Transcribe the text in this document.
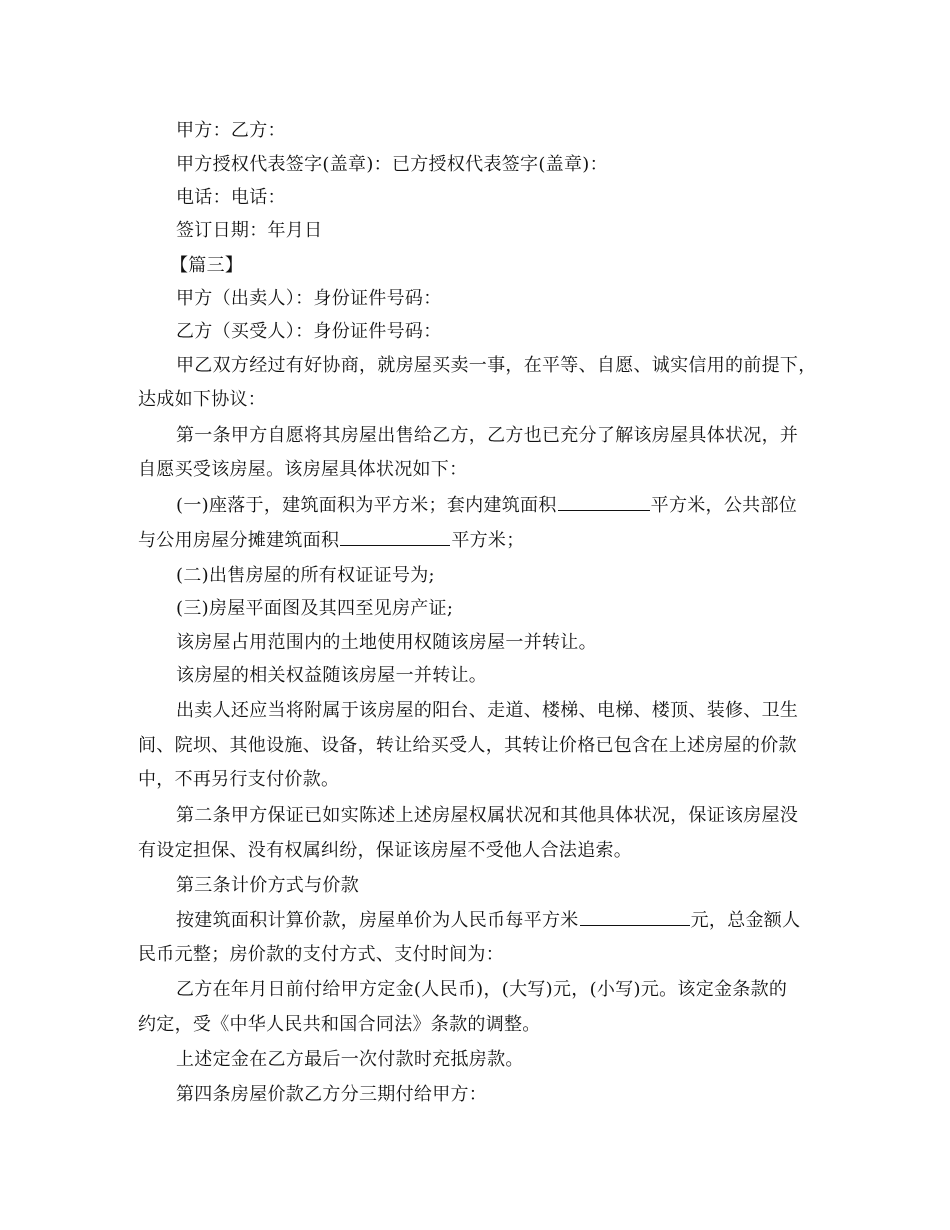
甲方：乙方：
甲方授权代表签字(盖章)：已方授权代表签字(盖章)：
电话：电话：
签订日期：年月日
【篇三】
甲方（出卖人）：身份证件号码：
乙方（买受人）：身份证件号码：
甲乙双方经过有好协商，就房屋买卖一事，在平等、自愿、诚实信用的前提下，
达成如下协议：
第一条甲方自愿将其房屋出售给乙方，乙方也已充分了解该房屋具体状况，并
自愿买受该房屋。该房屋具体状况如下：
(一)座落于，建筑面积为平方米；套内建筑面积	平方米，公共部位
与公用房屋分摊建筑面积	平方米；
(二)出售房屋的所有权证证号为;
(三)房屋平面图及其四至见房产证;
该房屋占用范围内的土地使用权随该房屋一并转让。
该房屋的相关权益随该房屋一并转让。
出卖人还应当将附属于该房屋的阳台、走道、楼梯、电梯、楼顶、装修、卫生
间、院坝、其他设施、设备，转让给买受人，其转让价格已包含在上述房屋的价款
中，不再另行支付价款。
第二条甲方保证已如实陈述上述房屋权属状况和其他具体状况，保证该房屋没
有设定担保、没有权属纠纷，保证该房屋不受他人合法追索。
第三条计价方式与价款
按建筑面积计算价款，房屋单价为人民币每平方米	元，总金额人
民币元整；房价款的支付方式、支付时间为：
乙方在年月日前付给甲方定金(人民币)，(大写)元，(小写)元。该定金条款的
约定，受《中华人民共和国合同法》条款的调整。
上述定金在乙方最后一次付款时充抵房款。
第四条房屋价款乙方分三期付给甲方：
